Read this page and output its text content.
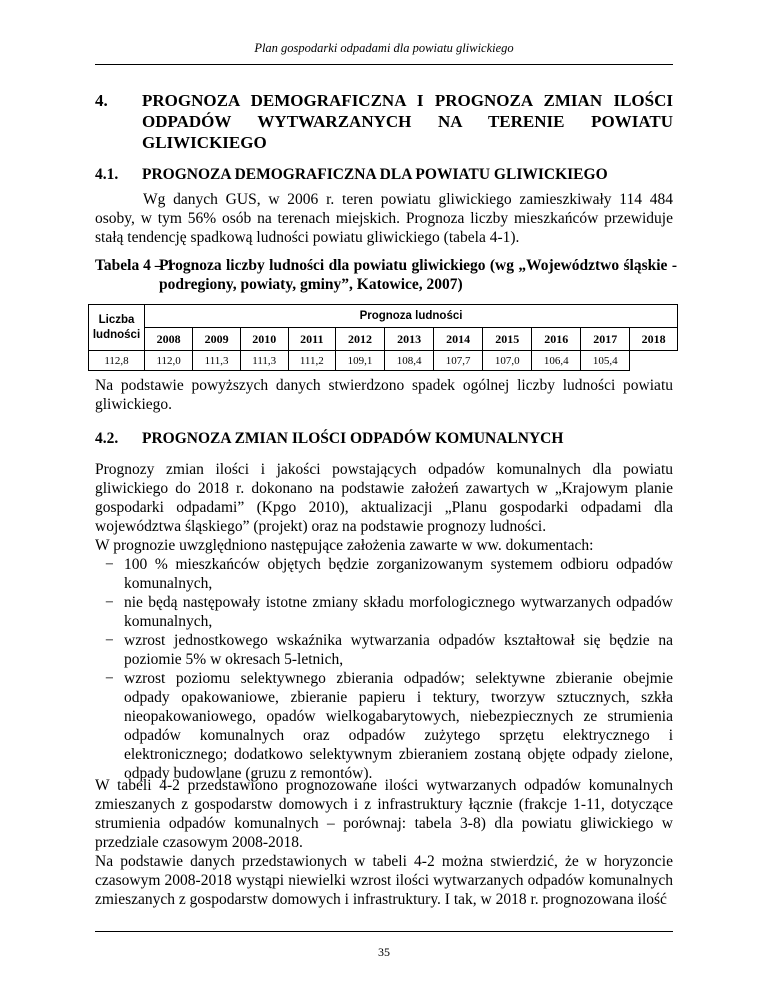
Plan gospodarki odpadami dla powiatu gliwickiego
4. PROGNOZA DEMOGRAFICZNA I PROGNOZA ZMIAN ILOŚCI ODPADÓW WYTWARZANYCH NA TERENIE POWIATU GLIWICKIEGO
4.1. PROGNOZA DEMOGRAFICZNA DLA POWIATU GLIWICKIEGO

Wg danych GUS, w 2006 r. teren powiatu gliwickiego zamieszkiwały 114 484 osoby, w tym 56% osób na terenach miejskich. Prognoza liczby mieszkańców przewiduje stałą tendencję spadkową ludności powiatu gliwickiego (tabela 4-1).

Tabela 4 – 1
Prognoza liczby ludności dla powiatu gliwickiego (wg „Województwo śląskie - podregiony, powiaty, gminy”, Katowice, 2007)
Liczba ludności	Prognoza ludności										
	2008	2009	2010	2011	2012	2013	2014	2015	2016	2017	2018
112,8	112,0	111,3	111,3	111,2	109,1	108,4	107,7	107,0	106,4	105,4	

Na podstawie powyższych danych stwierdzono spadek ogólnej liczby ludności powiatu gliwickiego.

4.2. PROGNOZA ZMIAN ILOŚCI ODPADÓW KOMUNALNYCH
Prognozy zmian ilości i jakości powstających odpadów komunalnych dla powiatu gliwickiego do 2018 r. dokonano na podstawie założeń zawartych w „Krajowym planie gospodarki odpadami” (Kpgo 2010), aktualizacji „Planu gospodarki odpadami dla województwa śląskiego” (projekt) oraz na podstawie prognozy ludności.
W prognozie uwzględniono następujące założenia zawarte w ww. dokumentach:
− 100 % mieszkańców objętych będzie zorganizowanym systemem odbioru odpadów komunalnych,
− nie będą następowały istotne zmiany składu morfologicznego wytwarzanych odpadów komunalnych,
− wzrost jednostkowego wskaźnika wytwarzania odpadów kształtował się będzie na poziomie 5% w okresach 5-letnich,
− wzrost poziomu selektywnego zbierania odpadów; selektywne zbieranie obejmie odpady opakowaniowe, zbieranie papieru i tektury, tworzyw sztucznych, szkła nieopakowaniowego, opadów wielkogabarytowych, niebezpiecznych ze strumienia odpadów komunalnych oraz odpadów zużytego sprzętu elektrycznego i elektronicznego; dodatkowo selektywnym zbieraniem zostaną objęte odpady zielone, odpady budowlane (gruzu z remontów).

W tabeli 4-2 przedstawiono prognozowane ilości wytwarzanych odpadów komunalnych zmieszanych z gospodarstw domowych i z infrastruktury łącznie (frakcje 1-11, dotyczące strumienia odpadów komunalnych – porównaj: tabela 3-8) dla powiatu gliwickiego w przedziale czasowym 2008-2018.

Na podstawie danych przedstawionych w tabeli 4-2 można stwierdzić, że w horyzoncie czasowym 2008-2018 wystąpi niewielki wzrost ilości wytwarzanych odpadów komunalnych zmieszanych z gospodarstw domowych i infrastruktury. I tak, w 2018 r. prognozowana ilość

35
